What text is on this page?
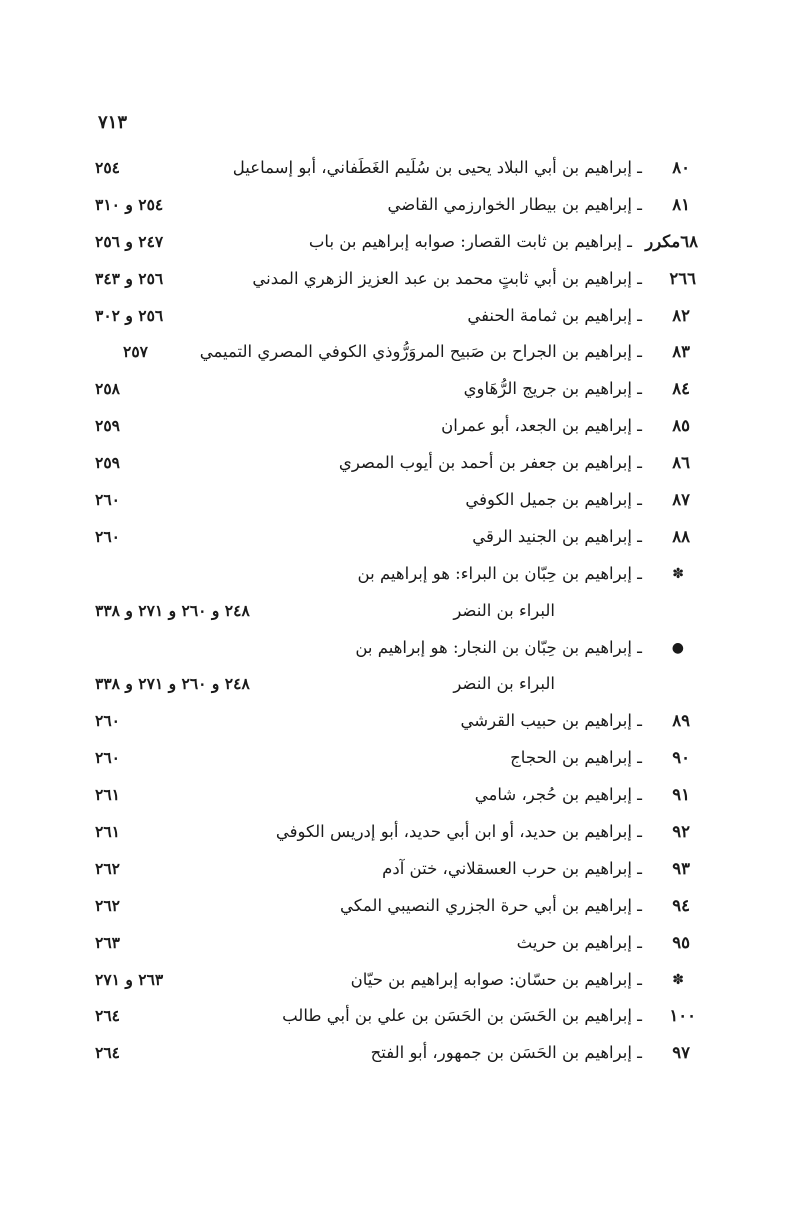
٧١٣
٨٠
ـ إبراهيم بن أبي البلاد يحيى بن سُلَيم الغَطَفاني، أبو إسماعيل
٢٥٤
٨١
ـ إبراهيم بن بيطار الخوارزمي القاضي
٢٥٤ و ٣١٠
٦٨مكرر
ـ إبراهيم بن ثابت القصار: صوابه إبراهيم بن باب
٢٤٧ و ٢٥٦
٢٦٦
ـ إبراهيم بن أبي ثابتٍ محمد بن عبد العزيز الزهري المدني
٢٥٦ و ٣٤٣
٨٢
ـ إبراهيم بن ثمامة الحنفي
٢٥٦ و ٣٠٢
٨٣
ـ إبراهيم بن الجراح بن صَبيح المروَرُّوذي الكوفي المصري التميمي
٢٥٧
٨٤
ـ إبراهيم بن جريج الرُّهَاوي
٢٥٨
٨٥
ـ إبراهيم بن الجعد، أبو عمران
٢٥٩
٨٦
ـ إبراهيم بن جعفر بن أحمد بن أيوب المصري
٢٥٩
٨٧
ـ إبراهيم بن جميل الكوفي
٢٦٠
٨٨
ـ إبراهيم بن الجنيد الرقي
٢٦٠
✽
ـ إبراهيم بن حِبّان بن البراء: هو إبراهيم بن
البراء بن النضر
٢٤٨ و ٢٦٠ و ٢٧١ و ٣٣٨
●
ـ إبراهيم بن حِبّان بن النجار: هو إبراهيم بن
البراء بن النضر
٢٤٨ و ٢٦٠ و ٢٧١ و ٣٣٨
٨٩
ـ إبراهيم بن حبيب القرشي
٢٦٠
٩٠
ـ إبراهيم بن الحجاج
٢٦٠
٩١
ـ إبراهيم بن حُجر، شامي
٢٦١
٩٢
ـ إبراهيم بن حديد، أو ابن أبي حديد، أبو إدريس الكوفي
٢٦١
٩٣
ـ إبراهيم بن حرب العسقلاني، ختن آدم
٢٦٢
٩٤
ـ إبراهيم بن أبي حرة الجزري النصيبي المكي
٢٦٢
٩٥
ـ إبراهيم بن حريث
٢٦٣
✽
ـ إبراهيم بن حسّان: صوابه إبراهيم بن حيّان
٢٦٣ و ٢٧١
١٠٠
ـ إبراهيم بن الحَسَن بن الحَسَن بن علي بن أبي طالب
٢٦٤
٩٧
ـ إبراهيم بن الحَسَن بن جمهور، أبو الفتح
٢٦٤
